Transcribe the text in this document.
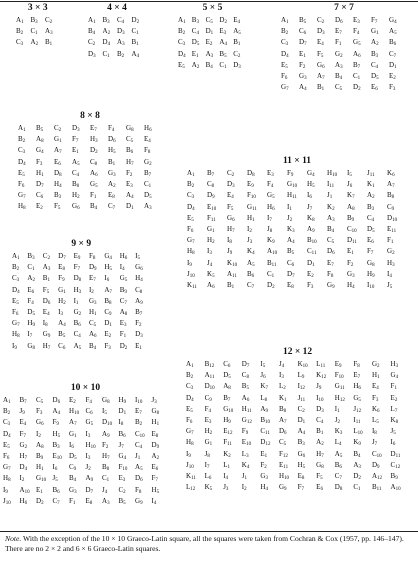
3 × 3
$A_1$	$B_3$	$C_2$
$B_2$	$C_1$	$A_3$
$C_3$	$A_2$	$B_1$
4 × 4
$A_1$	$B_3$	$C_4$	$D_2$
$B_4$	$A_2$	$D_3$	$C_1$
$C_2$	$D_4$	$A_3$	$B_1$
$D_3$	$C_1$	$B_2$	$A_4$
5 × 5
$A_1$	$B_3$	$C_5$	$D_2$	$E_4$
$B_2$	$C_4$	$D_1$	$E_3$	$A_5$
$C_3$	$D_5$	$E_2$	$A_4$	$B_1$
$D_4$	$E_1$	$A_3$	$B_5$	$C_2$
$E_5$	$A_2$	$B_4$	$C_1$	$D_3$
7 × 7
$A_1$	$B_5$	$C_2$	$D_6$	$E_3$	$F_7$	$G_4$
$B_2$	$C_6$	$D_3$	$E_7$	$F_4$	$G_1$	$A_5$
$C_3$	$D_7$	$E_4$	$F_1$	$G_5$	$A_2$	$B_6$
$D_4$	$E_1$	$F_5$	$G_2$	$A_6$	$B_3$	$C_7$
$E_5$	$F_2$	$G_6$	$A_3$	$B_7$	$C_4$	$D_1$
$F_6$	$G_3$	$A_7$	$B_4$	$C_1$	$D_5$	$E_2$
$G_7$	$A_4$	$B_1$	$C_5$	$D_2$	$E_6$	$F_3$
8 × 8
$A_1$	$B_5$	$C_2$	$D_3$	$E_7$	$F_4$	$G_8$	$H_6$
$B_2$	$A_8$	$G_1$	$F_7$	$H_3$	$D_6$	$C_5$	$E_4$
$C_3$	$G_4$	$A_7$	$E_1$	$D_2$	$H_5$	$B_6$	$F_8$
$D_4$	$F_3$	$E_6$	$A_5$	$C_8$	$B_1$	$H_7$	$G_2$
$E_5$	$H_1$	$D_8$	$C_4$	$A_6$	$G_3$	$F_2$	$B_7$
$F_6$	$D_7$	$H_4$	$B_8$	$G_5$	$A_2$	$E_3$	$C_1$
$G_7$	$C_6$	$B_3$	$H_2$	$F_1$	$E_8$	$A_4$	$D_5$
$H_8$	$E_2$	$F_5$	$G_6$	$B_4$	$C_7$	$D_1$	$A_3$
11 × 11
$A_1$	$B_7$	$C_2$	$D_8$	$E_3$	$F_9$	$G_4$	$H_{10}$	$I_5$	$J_{11}$	$K_6$
$B_2$	$C_8$	$D_3$	$E_9$	$F_4$	$G_{10}$	$H_5$	$I_{11}$	$J_6$	$K_1$	$A_7$
$C_3$	$D_9$	$E_4$	$F_{10}$	$G_5$	$H_{11}$	$I_6$	$J_1$	$K_7$	$A_2$	$B_8$
$D_4$	$E_{10}$	$F_5$	$G_{11}$	$H_6$	$I_1$	$J_7$	$K_2$	$A_8$	$B_3$	$C_9$
$E_5$	$F_{11}$	$G_6$	$H_1$	$I_7$	$J_2$	$K_8$	$A_3$	$B_9$	$C_4$	$D_{10}$
$F_6$	$G_1$	$H_7$	$I_2$	$J_8$	$K_3$	$A_9$	$B_4$	$C_{10}$	$D_5$	$E_{11}$
$G_7$	$H_2$	$I_8$	$J_3$	$K_9$	$A_4$	$B_{10}$	$C_5$	$D_{11}$	$E_6$	$F_1$
$H_8$	$I_3$	$J_9$	$K_4$	$A_{10}$	$B_5$	$C_{11}$	$D_6$	$E_1$	$F_7$	$G_2$
$I_9$	$J_4$	$K_{10}$	$A_5$	$B_{11}$	$C_6$	$D_1$	$E_7$	$F_2$	$G_8$	$H_3$
$J_{10}$	$K_5$	$A_{11}$	$B_6$	$C_1$	$D_7$	$E_2$	$F_8$	$G_3$	$H_9$	$I_4$
$K_{11}$	$A_6$	$B_1$	$C_7$	$D_2$	$E_8$	$F_3$	$G_9$	$H_4$	$I_{10}$	$J_5$
9 × 9
$A_1$	$B_3$	$C_2$	$D_7$	$E_9$	$F_8$	$G_4$	$H_6$	$I_5$
$B_2$	$C_1$	$A_3$	$E_8$	$F_7$	$D_9$	$H_5$	$I_4$	$G_6$
$C_3$	$A_2$	$B_1$	$F_9$	$D_8$	$E_7$	$I_6$	$G_5$	$H_4$
$D_4$	$E_6$	$F_5$	$G_1$	$H_3$	$I_2$	$A_7$	$B_9$	$C_8$
$E_5$	$F_4$	$D_6$	$H_2$	$I_1$	$G_3$	$B_8$	$C_7$	$A_9$
$F_6$	$D_5$	$E_4$	$I_3$	$G_2$	$H_1$	$C_9$	$A_8$	$B_7$
$G_7$	$H_9$	$I_8$	$A_4$	$B_6$	$C_5$	$D_1$	$E_3$	$F_2$
$H_8$	$I_7$	$G_9$	$B_5$	$C_4$	$A_6$	$E_2$	$F_1$	$D_3$
$I_9$	$G_8$	$H_7$	$C_6$	$A_5$	$B_4$	$F_3$	$D_2$	$E_1$	12 × 12
$A_1$	$B_{12}$	$C_6$	$D_7$	$I_5$	$J_4$	$K_{10}$	$L_{11}$	$E_9$	$F_8$	$G_2$	$H_3$
$B_2$	$A_{11}$	$D_5$	$C_8$	$J_6$	$I_3$	$L_9$	$K_{12}$	$F_{10}$	$E_7$	$H_1$	$G_4$
$C_3$	$D_{10}$	$A_8$	$B_5$	$K_7$	$L_2$	$I_{12}$	$J_9$	$G_{11}$	$H_6$	$E_4$	$F_1$
$D_4$	$C_9$	$B_7$	$A_6$	$L_8$	$K_1$	$J_{11}$	$I_{10}$	$H_{12}$	$G_5$	$F_3$	$E_2$
$E_5$	$F_4$	$G_{10}$	$H_{11}$	$A_9$	$B_8$	$C_2$	$D_3$	$I_1$	$J_{12}$	$K_6$	$L_7$
$F_6$	$E_3$	$H_9$	$G_{12}$	$B_{10}$	$A_7$	$D_1$	$C_4$	$J_2$	$I_{11}$	$L_5$	$K_8$
$G_7$	$H_2$	$E_{12}$	$F_9$	$C_{11}$	$D_6$	$A_4$	$B_1$	$K_3$	$L_{10}$	$I_8$	$J_5$
$H_8$	$G_1$	$F_{11}$	$E_{10}$	$D_{12}$	$C_5$	$B_3$	$A_2$	$L_4$	$K_9$	$J_7$	$I_6$
$I_9$	$J_8$	$K_2$	$L_3$	$E_1$	$F_{12}$	$G_6$	$H_7$	$A_5$	$B_4$	$C_{10}$	$D_{11}$
$J_{10}$	$I_7$	$L_1$	$K_4$	$F_2$	$E_{11}$	$H_5$	$G_8$	$B_6$	$A_3$	$D_9$	$C_{12}$
$K_{11}$	$L_6$	$I_4$	$J_1$	$G_3$	$H_{10}$	$E_8$	$F_5$	$C_7$	$D_2$	$A_{12}$	$B_9$
$L_{12}$	$K_5$	$J_3$	$I_2$	$H_4$	$G_9$	$F_7$	$E_6$	$D_8$	$C_1$	$B_{11}$	$A_{10}$
10 × 10
$A_1$	$B_7$	$C_5$	$D_6$	$E_2$	$F_4$	$G_8$	$H_9$	$I_{10}$	$J_3$
$B_2$	$J_9$	$F_3$	$A_4$	$H_{10}$	$C_6$	$I_5$	$D_1$	$E_7$	$G_8$
$C_3$	$E_4$	$G_6$	$F_9$	$A_7$	$G_5$	$D_{10}$	$I_8$	$B_2$	$H_1$
$D_4$	$F_7$	$I_2$	$H_5$	$G_1$	$I_3$	$A_9$	$B_6$	$C_{10}$	$E_8$
$E_5$	$G_2$	$A_8$	$B_3$	$I_6$	$H_{10}$	$F_2$	$J_7$	$C_4$	$D_9$
$F_6$	$H_7$	$B_9$	$E_{10}$	$D_5$	$I_3$	$H_7$	$G_4$	$J_1$	$A_2$
$G_7$	$D_4$	$H_1$	$I_6$	$C_9$	$J_2$	$B_8$	$F_{10}$	$A_5$	$E_6$
$H_8$	$I_2$	$G_{10}$	$J_5$	$B_4$	$A_9$	$C_1$	$E_3$	$D_6$	$F_7$
$I_9$	$A_{10}$	$E_1$	$B_6$	$G_3$	$D_7$	$J_4$	$C_2$	$F_8$	$H_5$
$J_{10}$	$H_6$	$D_2$	$C_7$	$F_1$	$E_8$	$A_3$	$B_5$	$G_9$	$I_4$

Note. With the exception of the 10 × 10 Graeco-Latin square, all the squares were taken from Cochran & Cox (1957, pp. 146–147). There are no 2 × 2 and 6 × 6 Graeco-Latin squares.
